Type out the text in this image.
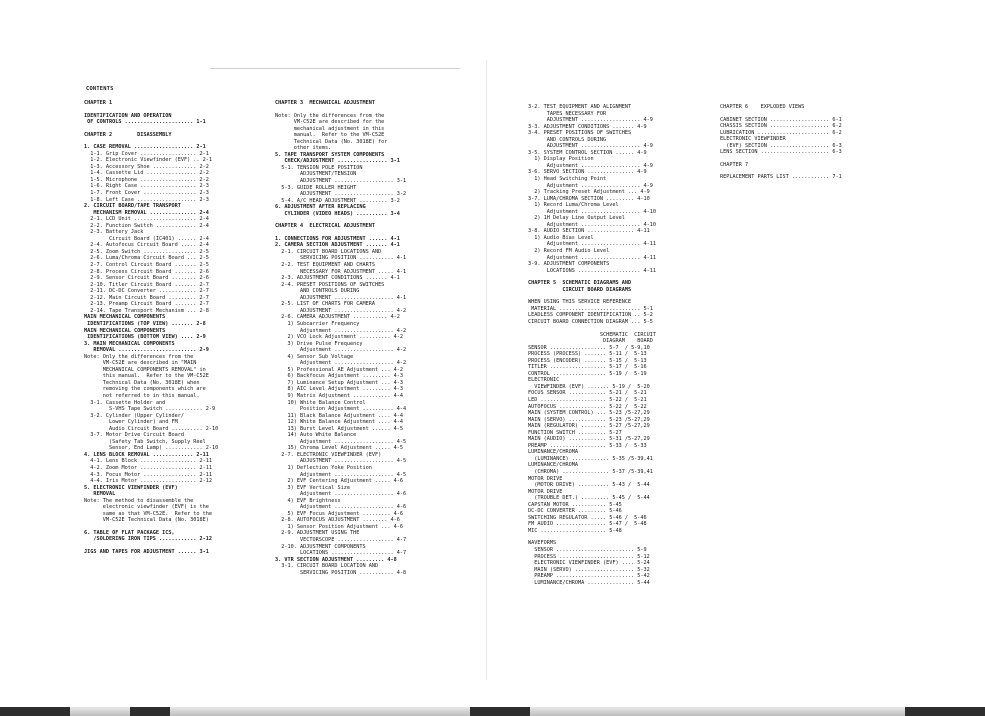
CONTENTS
CHAPTER 1
IDENTIFICATION AND OPERATION
OF CONTROLS ...................... 1-1
CHAPTER 2        DISASSEMBLY
1. CASE REMOVAL ................... 2-1
1-1. Grip Cover .................. 2-1
1-2. Electronic Viewfinder (EVF) .. 2-1
1-3. Accessory Shoe .............. 2-2
1-4. Cassette Lid ................ 2-2
1-5. Microphone .................. 2-2
1-6. Right Case .................. 2-3
1-7. Front Cover ................. 2-3
1-8. Left Case ................... 2-3
2. CIRCUIT BOARD/TAPE TRANSPORT
MECHANISM REMOVAL ............... 2-4
2-1. LCD Unit .................... 2-4
2-2. Function Switch ............. 2-4
2-3. Battery Jack
Circuit Board (IC401) ...... 2-4
2-4. Autofocus Circuit Board ..... 2-4
2-5. Zoom Switch ................. 2-5
2-6. Luma/Chroma Circuit Board ... 2-5
2-7. Control Circuit Board ....... 2-5
2-8. Process Circuit Board ....... 2-6
2-9. Sensor Circuit Board ........ 2-6
2-10. Titler Circuit Board ....... 2-7
2-11. DC-DC Converter ............ 2-7
2-12. Main Circuit Board ......... 2-7
2-13. Preamp Circuit Board ....... 2-7
2-14. Tape Transport Mechanism ... 2-8
MAIN MECHANICAL COMPONENTS
IDENTIFICATIONS (TOP VIEW) ....... 2-8
MAIN MECHANICAL COMPONENTS
IDENTIFICATIONS (BOTTOM VIEW) .... 2-9
3. MAIN MECHANICAL COMPONENTS
REMOVAL ......................... 2-9
Note: Only the differences from the
VM-C52E are described in "MAIN
MECHANICAL COMPONENTS REMOVAL" in
this manual.  Refer to the VM-C52E
Technical Data (No. 3018E) when
removing the components which are
not referred to in this manual.
3-1. Cassette Holder and
S-VHS Tape Switch ............ 2-9
3-2. Cylinder (Upper Cylinder/
Lower Cylinder) and FM
Audio Circuit Board .......... 2-10
3-7. Motor Drive Circuit Board
(Safety Tab Switch, Supply Reel
Sensor, End Lamp) ............ 2-10
4. LENS BLOCK REMOVAL ............. 2-11
4-1. Lens Block .................. 2-11
4-2. Zoom Motor .................. 2-11
4-3. Focus Motor ................. 2-11
4-4. Iris Motor .................. 2-12
5. ELECTRONIC VIEWFINDER (EVF)
REMOVAL
Note: The method to disassemble the
electronic viewfinder (EVF) is the
same as that VM-C52E.  Refer to the
VM-C52E Technical Data (No. 3018E)
6. TABLE OF FLAT PACKAGE ICS,
/SOLDERING IRON TIPS ............ 2-12
JIGS AND TAPES FOR ADJUSTMENT ...... 3-1
CHAPTER 3  MECHANICAL ADJUSTMENT
Note: Only the differences from the
VM-C52E are described for the
mechanical adjustment in this
manual.  Refer to the VM-C52E
Technical Data (No. 3018E) for
other items.
5. TAPE TRANSPORT SYSTEM COMPONENTS
CHECK/ADJUSTMENT ................ 3-1
5-1. TENSION POLE POSITION
ADJUSTMENT/TENSION
ADJUSTMENT ................... 3-1
5-3. GUIDE ROLLER HEIGHT
ADJUSTMENT ................... 3-2
5-4. A/C HEAD ADJUSTMENT ......... 3-2
6. ADJUSTMENT AFTER REPLACING
CYLINDER (VIDEO HEADS) .......... 3-4
CHAPTER 4  ELECTRICAL ADJUSTMENT
1. CONNECTIONS FOR ADJUSTMENT ...... 4-1
2. CAMERA SECTION ADJUSTMENT ....... 4-1
2-1. CIRCUIT BOARD LOCATIONS AND
SERVICING POSITION ........... 4-1
2-2. TEST EQUIPMENT AND CHARTS
NECESSARY FOR ADJUSTMENT ..... 4-1
2-3. ADJUSTMENT CONDITIONS ....... 4-1
2-4. PRESET POSITIONS OF SWITCHES
AND CONTROLS DURING
ADJUSTMENT ................... 4-1
2-5. LIST OF CHARTS FOR CAMERA
ADJUSTMENT ................... 4-2
2-6. CAMERA ADJUSTMENT ........... 4-2
1) Subcarrier Frequency
Adjustment ................... 4-2
2) VCO Lock Adjustment .......... 4-2
3) Drive Pulse Frequency
Adjustment ................... 4-2
4) Sensor Sub Voltage
Adjustment ................... 4-2
5) Professional AE Adjustment ... 4-2
6) Backfocus Adjustment ......... 4-3
7) Luminance Setup Adjustment ... 4-3
8) AIC Level Adjustment ......... 4-3
9) Matrix Adjustment ............ 4-4
10) White Balance Control
Position Adjustment .......... 4-4
11) Black Balance Adjustment .... 4-4
12) White Balance Adjustment .... 4-4
13) Burst Level Adjustment ...... 4-5
14) Auto White Balance
Adjustment ................... 4-5
15) Chroma Level Adjustment ..... 4-5
2-7. ELECTRONIC VIEWFINDER (EVF)
ADJUSTMENT ................... 4-5
1) Deflection Yoke Position
Adjustment ................... 4-5
2) EVF Centering Adjustment ..... 4-6
3) EVF Vertical Size
Adjustment ................... 4-6
4) EVF Brightness
Adjustment ................... 4-6
5) EVF Focus Adjustment ......... 4-6
2-8. AUTOFOCUS ADJUSTMENT ........ 4-6
1) Sensor Position Adjustment ... 4-6
2-9. ADJUSTMENT USING THE
VECTORSCOPE .................. 4-7
2-10. ADJUSTMENT COMPONENTS
LOCATIONS .................... 4-7
3. VTR SECTION ADJUSTMENT ......... 4-8
3-1. CIRCUIT BOARD LOCATION AND
SERVICING POSITION ........... 4-8
3-2. TEST EQUIPMENT AND ALIGNMENT
TAPES NECESSARY FOR
ADJUSTMENT ................... 4-9
3-3. ADJUSTMENT CONDITIONS ....... 4-9
3-4. PRESET POSITIONS OF SWITCHES
AND CONTROLS DURING
ADJUSTMENT ................... 4-9
3-5. SYSTEM CONTROL SECTION ...... 4-9
1) Display Position
Adjustment ................... 4-9
3-6. SERVO SECTION ............... 4-9
1) Head Switching Point
Adjustment ................... 4-9
2) Tracking Preset Adjustment ... 4-9
3-7. LUMA/CHROMA SECTION ......... 4-10
1) Record Luma/Chroma Level
Adjustment ................... 4-10
2) 1H Delay Line Output Level
Adjustment ................... 4-10
3-8. AUDIO SECTION ............... 4-11
1) Audio Bias Level
Adjustment ................... 4-11
2) Record FM Audio Level
Adjustment ................... 4-11
3-9. ADJUSTMENT COMPONENTS
LOCATIONS .................... 4-11
CHAPTER 5  SCHEMATIC DIAGRAMS AND
CIRCUIT BOARD DIAGRAMS
WHEN USING THIS SERVICE REFERENCE
MATERIAL .......................... 5-1
LEADLESS COMPONENT IDENTIFICATION .. 5-2
CIRCUIT BOARD CONNECTION DIAGRAM ... 5-5
SCHEMATIC  CIRCUIT
DIAGRAM    BOARD
SENSOR .................. 5-7  / 5-9,10
PROCESS (PROCESS) ....... 5-11 /  5-13
PROCESS (ENCODER) ....... 5-15 /  5-13
TITLER .................. 5-17 /  5-16
CONTROL ................. 5-19 /  5-19
ELECTRONIC
VIEWFINDER (EVF) ....... 5-19 /  5-20
FOCUS SENSOR ............ 5-21 /  5-21
LED ..................... 5-22 /  5-21
AUTOFOCUS ............... 5-22 /  5-22
MAIN (SYSTEM CONTROL) ... 5-23 /5-27,29
MAIN (SERVO) ............ 5-23 /5-27,29
MAIN (REGULATOR) ........ 5-27 /5-27,29
FUNCTION SWITCH ......... 5-27
MAIN (AUDIO) ............ 5-31 /5-27,29
PREAMP .................. 5-33 /  5-33
LUMINANCE/CHROMA
(LUMINANCE) ............ 5-35 /5-39,41
LUMINANCE/CHROMA
(CHROMA) ............... 5-37 /5-39,41
MOTOR DRIVE
(MOTOR DRIVE) .......... 5-43 /  5-44
MOTOR DRIVE
(TROUBLE DET.) ......... 5-45 /  5-44
CAPSTAN MOTOR ........... 5-45
DC-DC CONVERTER ......... 5-46
SWITCHING REGULATOR ..... 5-46 /  5-46
FM AUDIO ................ 5-47 /  5-48
MIC ..................... 5-48
WAVEFORMS
SENSOR ......................... 5-9
PROCESS ........................ 5-12
ELECTRONIC VIEWFINDER (EVF) .... 5-24
MAIN (SERVO) ................... 5-32
PREAMP ......................... 5-42
LUMINANCE/CHROMA ............... 5-44
CHAPTER 6    EXPLODED VIEWS
CABINET SECTION ................... 6-1
CHASSIS SECTION ................... 6-2
LUBRICATION ....................... 6-2
ELECTRONIC VIEWFINDER
(EVF) SECTION ................... 6-3
LENS SECTION ...................... 6-3
CHAPTER 7
REPLACEMENT PARTS LIST ............ 7-1
